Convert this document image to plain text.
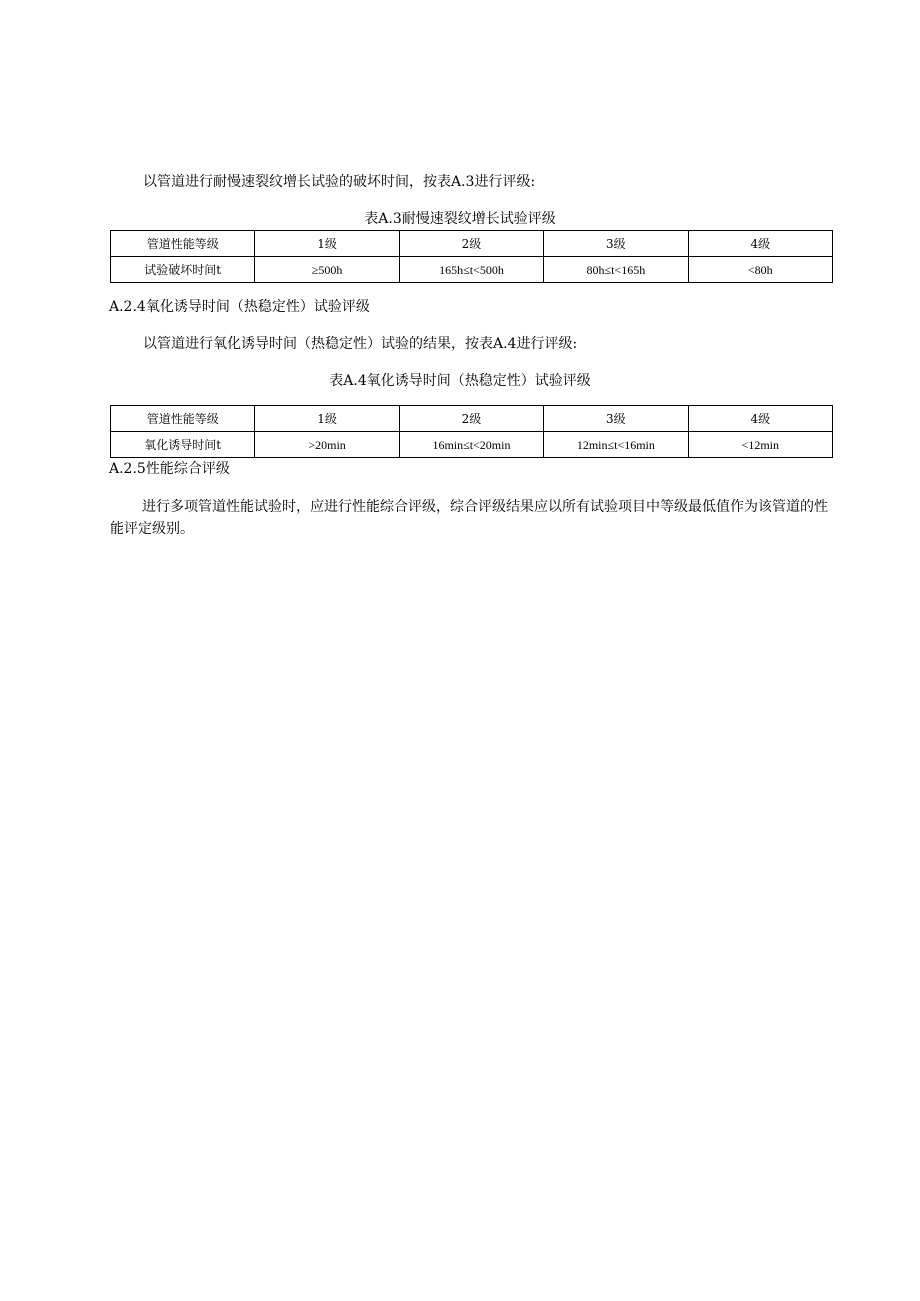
以管道进行耐慢速裂纹增长试验的破坏时间，按表A.3进行评级:
表A.3耐慢速裂纹增长试验评级
管道性能等级	1级	2级	3级	4级
试验破坏时间t	≥500h	165h≤t<500h	80h≤t<165h	<80h
A.2.4氧化诱导时间（热稳定性）试验评级
以管道进行氧化诱导时间（热稳定性）试验的结果，按表A.4进行评级:
表A.4氧化诱导时间（热稳定性）试验评级
管道性能等级	1级	2级	3级	4级
氧化诱导时间t	>20min	16min≤t<20min	12min≤t<16min	<12min
A.2.5性能综合评级
进行多项管道性能试验时，应进行性能综合评级，综合评级结果应以所有试验项目中等级最低值作为该管道的性能评定级别。
